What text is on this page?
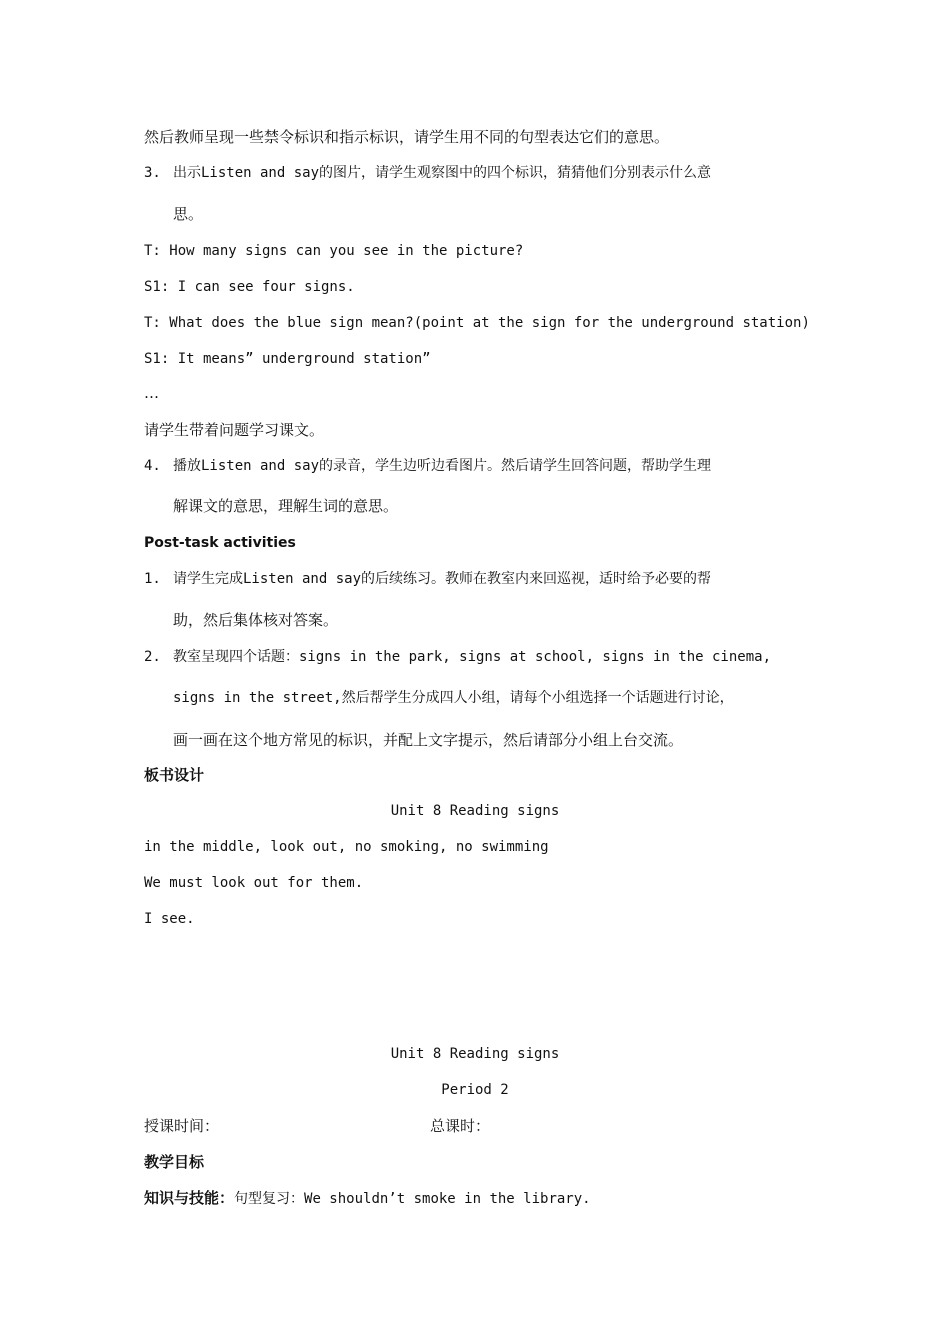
然后教师呈现一些禁令标识和指示标识，请学生用不同的句型表达它们的意思。
3. 出示Listen and say的图片，请学生观察图中的四个标识，猜猜他们分别表示什么意
思。
T: How many signs can you see in the picture?
S1: I can see four signs.
T: What does the blue sign mean?(point at the sign for the underground station)
S1: It means” underground station”
…
请学生带着问题学习课文。
4. 播放Listen and say的录音，学生边听边看图片。然后请学生回答问题，帮助学生理
解课文的意思，理解生词的意思。
Post-task activities
1. 请学生完成Listen and say的后续练习。教师在教室内来回巡视，适时给予必要的帮
助，然后集体核对答案。
2. 教室呈现四个话题：signs in the park, signs at school, signs in the cinema,
signs in the street,然后帮学生分成四人小组，请每个小组选择一个话题进行讨论，
画一画在这个地方常见的标识，并配上文字提示，然后请部分小组上台交流。
板书设计
Unit 8 Reading signs
in the middle, look out, no smoking, no swimming
We must look out for them.
I see.
Unit 8 Reading signs
Period 2
授课时间：	总课时：
教学目标
知识与技能：句型复习：We shouldn’t smoke in the library.
